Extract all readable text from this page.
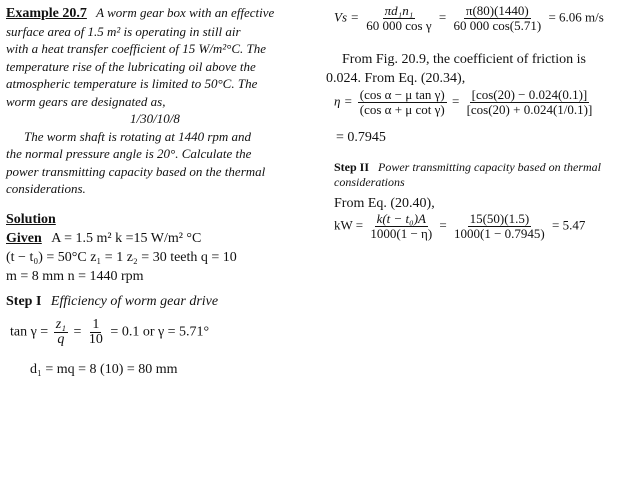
Example 20.7 A worm gear box with an effective
surface area of 1.5 m² is operating in still air
with a heat transfer coefficient of 15 W/m²°C. The
temperature rise of the lubricating oil above the
atmospheric temperature is limited to 50°C. The
worm gears are designated as,
1/30/10/8
The worm shaft is rotating at 1440 rpm and
the normal pressure angle is 20°. Calculate the
power transmitting capacity based on the thermal
considerations.
Solution
Given A = 1.5 m² k =15 W/m² °C
(t − t₀) = 50°C z₁ = 1 z₂ = 30 teeth q = 10
m = 8 mm n = 1440 rpm
Step I Efficiency of worm gear drive
$\tan \gamma = \frac{\text{z₁}}{q} = \frac{1}{10} = 0.1$ or γ = 5.71°
d₁ = mq = 8 (10) = 80 mm
$Vs = \frac{\text{πd₁n₁}}{\text{60 000 cos γ}} = \frac{\pi(80)(1440)}{60 000 \cos(5.71)} = 6.06$ m/s
From Fig. 20.9, the coefficient of friction is
0.024. From Eq. (20.34),
$\eta = \frac{\text{(cos α − μ tan γ)}}{\text{(cos α + μ cot γ)}} = \frac{[\cos(20) - 0.024(0.1)]}{[\cos(20) + 0.024(1/0.1)]}$
= 0.7945
Step II Power transmitting capacity based on thermal
considerations
From Eq. (20.40),
kW = $\frac{\text{k(t − t₀)A}}{1000(1 - \eta)} = \frac{15(50)(1.5)}{1000(1 - 0.7945)} = 5.47$
